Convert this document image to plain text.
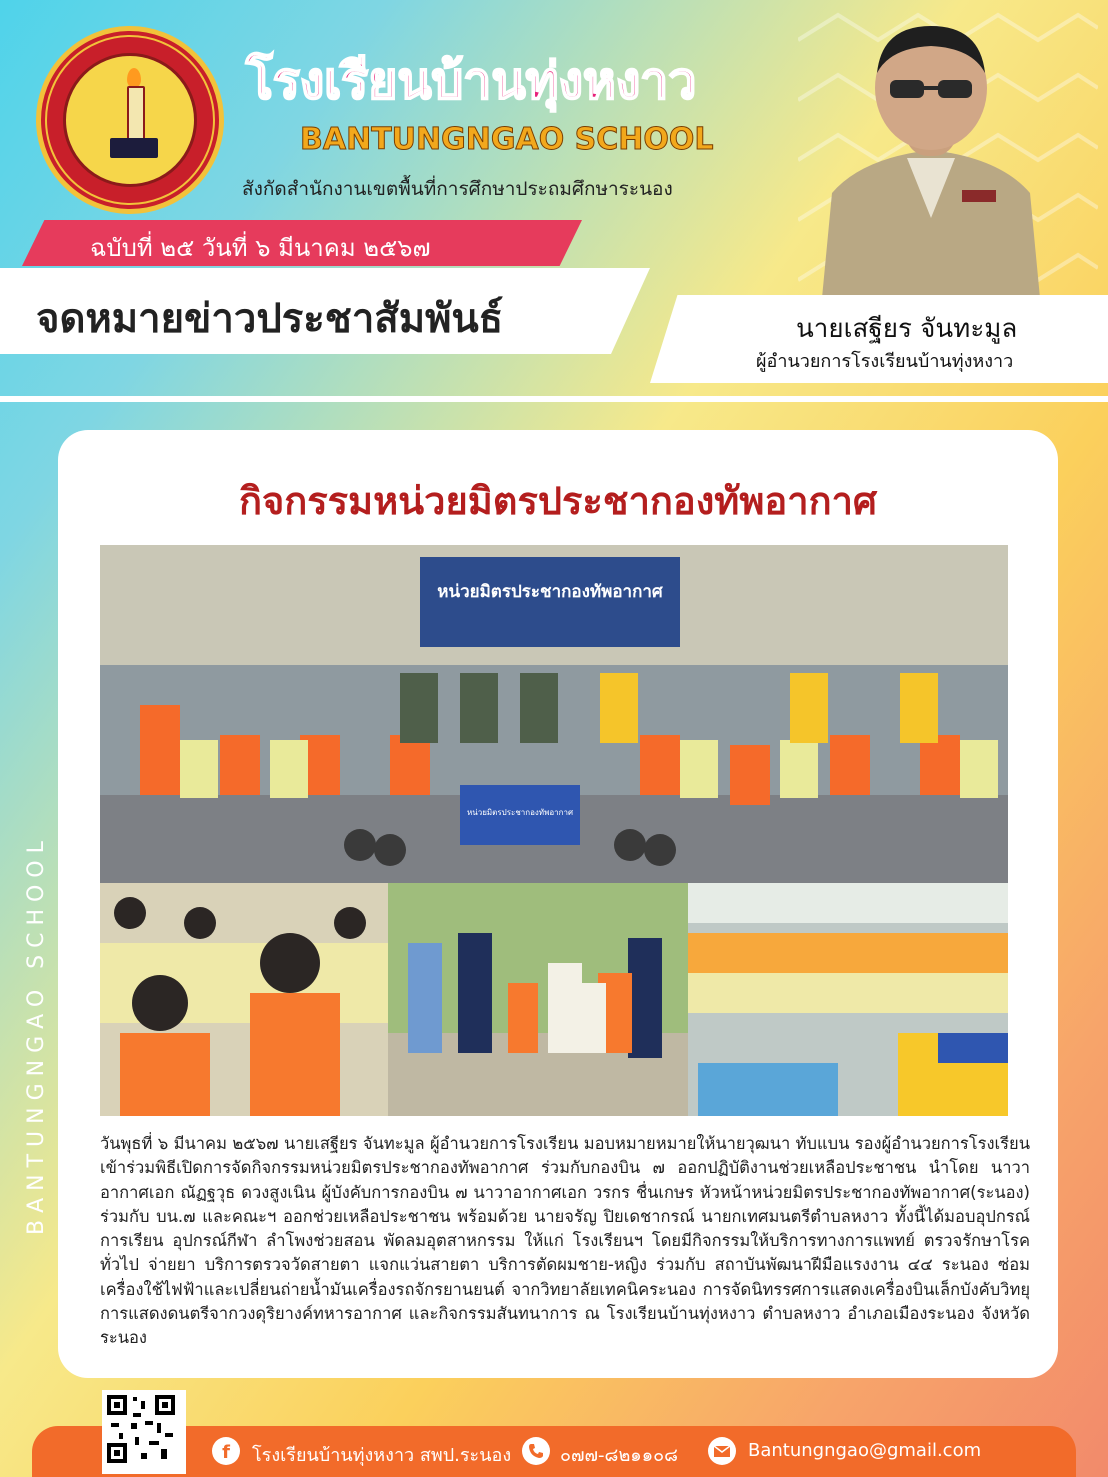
โรงเรียนบ้านทุ่งหงาว
BANTUNGNGAO SCHOOL
สังกัดสำนักงานเขตพื้นที่การศึกษาประถมศึกษาระนอง
ฉบับที่ ๒๕ วันที่ ๖ มีนาคม ๒๕๖๗
จดหมายข่าวประชาสัมพันธ์	นายเสฐียร จันทะมูล
ผู้อำนวยการโรงเรียนบ้านทุ่งหงาว
BANTUNGNGAO SCHOOL
กิจกรรมหน่วยมิตรประชากองทัพอากาศ
หน่วยมิตรประชากองทัพอากาศ
หน่วยมิตรประชากองทัพอากาศ
วันพุธที่ ๖ มีนาคม ๒๕๖๗ นายเสฐียร จันทะมูล ผู้อำนวยการโรงเรียน มอบหมายหมายให้นายวุฒนา ทับแบน รองผู้อำนวยการโรงเรียน เข้าร่วมพิธีเปิดการจัดกิจกรรมหน่วยมิตรประชากองทัพอากาศ ร่วมกับกองบิน ๗ ออกปฏิบัติงานช่วยเหลือประชาชน นำโดย นาวาอากาศเอก ณัฏฐวุธ ดวงสูงเนิน ผู้บังคับการกองบิน ๗ นาวาอากาศเอก วรกร ชื่นเกษร หัวหน้าหน่วยมิตรประชากองทัพอากาศ(ระนอง) ร่วมกับ บน.๗ และคณะฯ ออกช่วยเหลือประชาชน พร้อมด้วย นายจรัญ ปิยเดชากรณ์ นายกเทศมนตรีตำบลหงาว ทั้งนี้ได้มอบอุปกรณ์การเรียน อุปกรณ์กีฬา ลำโพงช่วยสอน พัดลมอุตสาหกรรม ให้แก่ โรงเรียนฯ โดยมีกิจกรรมให้บริการทางการแพทย์ ตรวจรักษาโรคทั่วไป จ่ายยา บริการตรวจวัดสายตา แจกแว่นสายตา บริการตัดผมชาย-หญิง ร่วมกับ สถาบันพัฒนาฝีมือแรงงาน ๔๔ ระนอง ซ่อมเครื่องใช้ไฟฟ้าและเปลี่ยนถ่ายน้ำมันเครื่องรถจักรยานยนต์ จากวิทยาลัยเทคนิคระนอง การจัดนิทรรศการแสดงเครื่องบินเล็กบังคับวิทยุ การแสดงดนตรีจากวงดุริยางค์ทหารอากาศ และกิจกรรมสันทนาการ ณ โรงเรียนบ้านทุ่งหงาว ตำบลหงาว อำเภอเมืองระนอง จังหวัดระนอง
f โรงเรียนบ้านทุ่งหงาว สพป.ระนอง	๐๗๗-๘๒๑๑๐๘	Bantungngao@gmail.com
